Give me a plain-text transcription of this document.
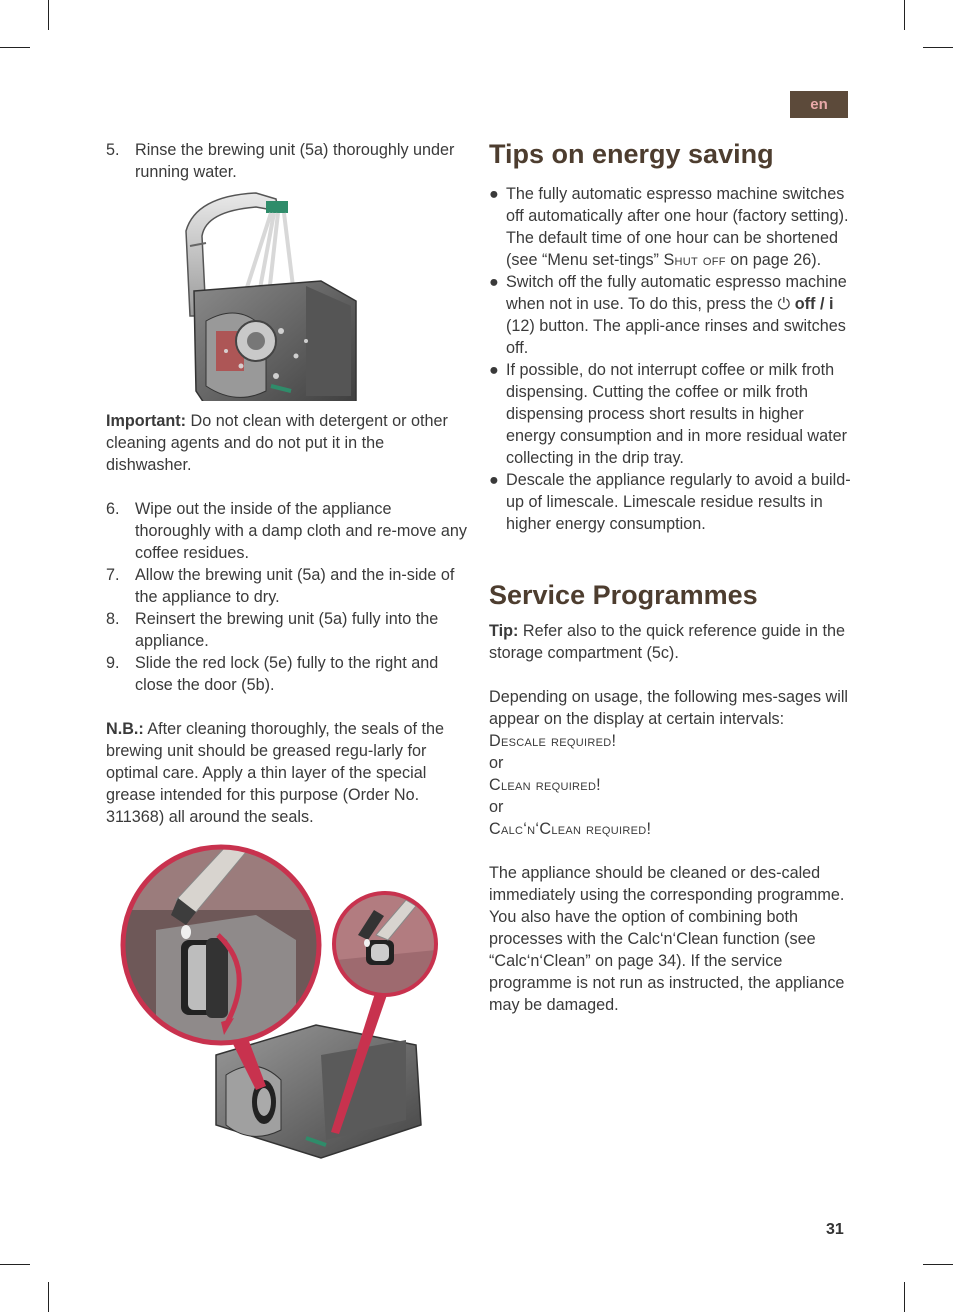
en
5. Rinse the brewing unit (5a) thoroughly under running water.

Important: Do not clean with detergent or other cleaning agents and do not put it in the dishwasher.

6. Wipe out the inside of the appliance thoroughly with a damp cloth and re-move any coffee residues.
7. Allow the brewing unit (5a) and the in-side of the appliance to dry.
8. Reinsert the brewing unit (5a) fully into the appliance.
9. Slide the red lock (5e) fully to the right and close the door (5b).

N.B.: After cleaning thoroughly, the seals of the brewing unit should be greased regu-larly for optimal care. Apply a thin layer of the special grease intended for this purpose (Order No. 311368) all around the seals.

Tips on energy saving
● The fully automatic espresso machine switches off automatically after one hour (factory setting). The default time of one hour can be shortened (see “Menu set-tings” Shut off on page 26).
● Switch off the fully automatic espresso machine when not in use. To do this, press the ⏻ off / i (12) button. The appli-ance rinses and switches off.
● If possible, do not interrupt coffee or milk froth dispensing. Cutting the coffee or milk froth dispensing process short results in higher energy consumption and in more residual water collecting in the drip tray.
● Descale the appliance regularly to avoid a build-up of limescale. Limescale residue results in higher energy consumption.
Service Programmes

Tip: Refer also to the quick reference guide in the storage compartment (5c).

Depending on usage, the following mes-sages will appear on the display at certain intervals:

Descale required!

or

Clean required!

or

Calc‘n‘Clean required!

The appliance should be cleaned or des-caled immediately using the corresponding programme. You also have the option of combining both processes with the Calc‘n‘Clean function (see “Calc‘n‘Clean” on page 34). If the service programme is not run as instructed, the appliance may be damaged.

31
